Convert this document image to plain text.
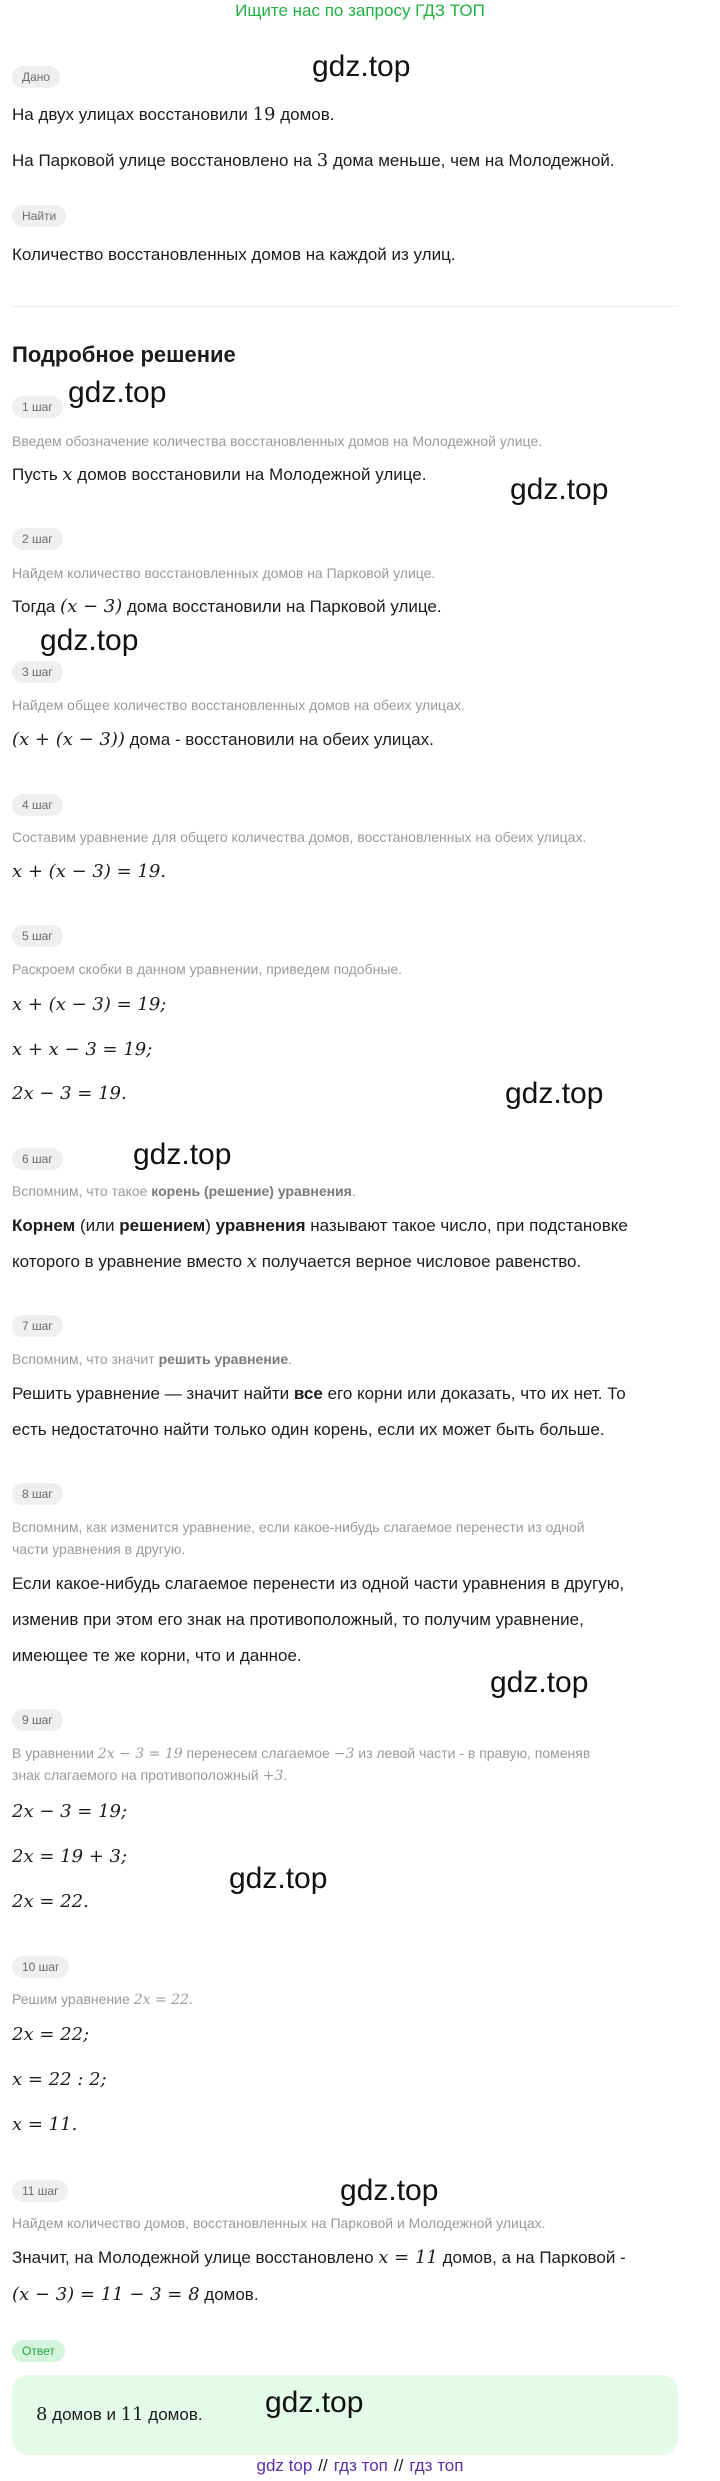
Ищите нас по запросу ГДЗ ТОП
Дано
На двух улицах восстановили 19 домов.
На Парковой улице восстановлено на 3 дома меньше, чем на Молодежной.
Найти
Количество восстановленных домов на каждой из улиц.
Подробное решение
1 шаг
Введем обозначение количества восстановленных домов на Молодежной улице.
Пусть x домов восстановили на Молодежной улице.
2 шаг
Найдем количество восстановленных домов на Парковой улице.
Тогда (x − 3) дома восстановили на Парковой улице.
3 шаг
Найдем общее количество восстановленных домов на обеих улицах.
(x + (x − 3)) дома - восстановили на обеих улицах.
4 шаг
Составим уравнение для общего количества домов, восстановленных на обеих улицах.
x + (x − 3) = 19.
5 шаг
Раскроем скобки в данном уравнении, приведем подобные.
x + (x − 3) = 19;
x + x − 3 = 19;
2x − 3 = 19.
6 шаг
Вспомним, что такое корень (решение) уравнения.
Корнем (или решением) уравнения называют такое число, при подстановке
которого в уравнение вместо x получается верное числовое равенство.
7 шаг
Вспомним, что значит решить уравнение.
Решить уравнение — значит найти все его корни или доказать, что их нет. То
есть недостаточно найти только один корень, если их может быть больше.
8 шаг
Вспомним, как изменится уравнение, если какое-нибудь слагаемое перенести из одной
части уравнения в другую.
Если какое-нибудь слагаемое перенести из одной части уравнения в другую,
изменив при этом его знак на противоположный, то получим уравнение,
имеющее те же корни, что и данное.
9 шаг
В уравнении 2x − 3 = 19 перенесем слагаемое −3 из левой части - в правую, поменяв
знак слагаемого на противоположный +3.
2x − 3 = 19;
2x = 19 + 3;
2x = 22.
10 шаг
Решим уравнение 2x = 22.
2x = 22;
x = 22 : 2;
x = 11.
11 шаг
Найдем количество домов, восстановленных на Парковой и Молодежной улицах.
Значит, на Молодежной улице восстановлено x = 11 домов, а на Парковой -
(x − 3) = 11 − 3 = 8 домов.
Ответ
8 домов и 11 домов.
gdz.top
gdz.top
gdz.top
gdz.top
gdz.top
gdz.top
gdz.top
gdz.top
gdz.top
gdz.top
gdz top // гдз топ // гдз топ
